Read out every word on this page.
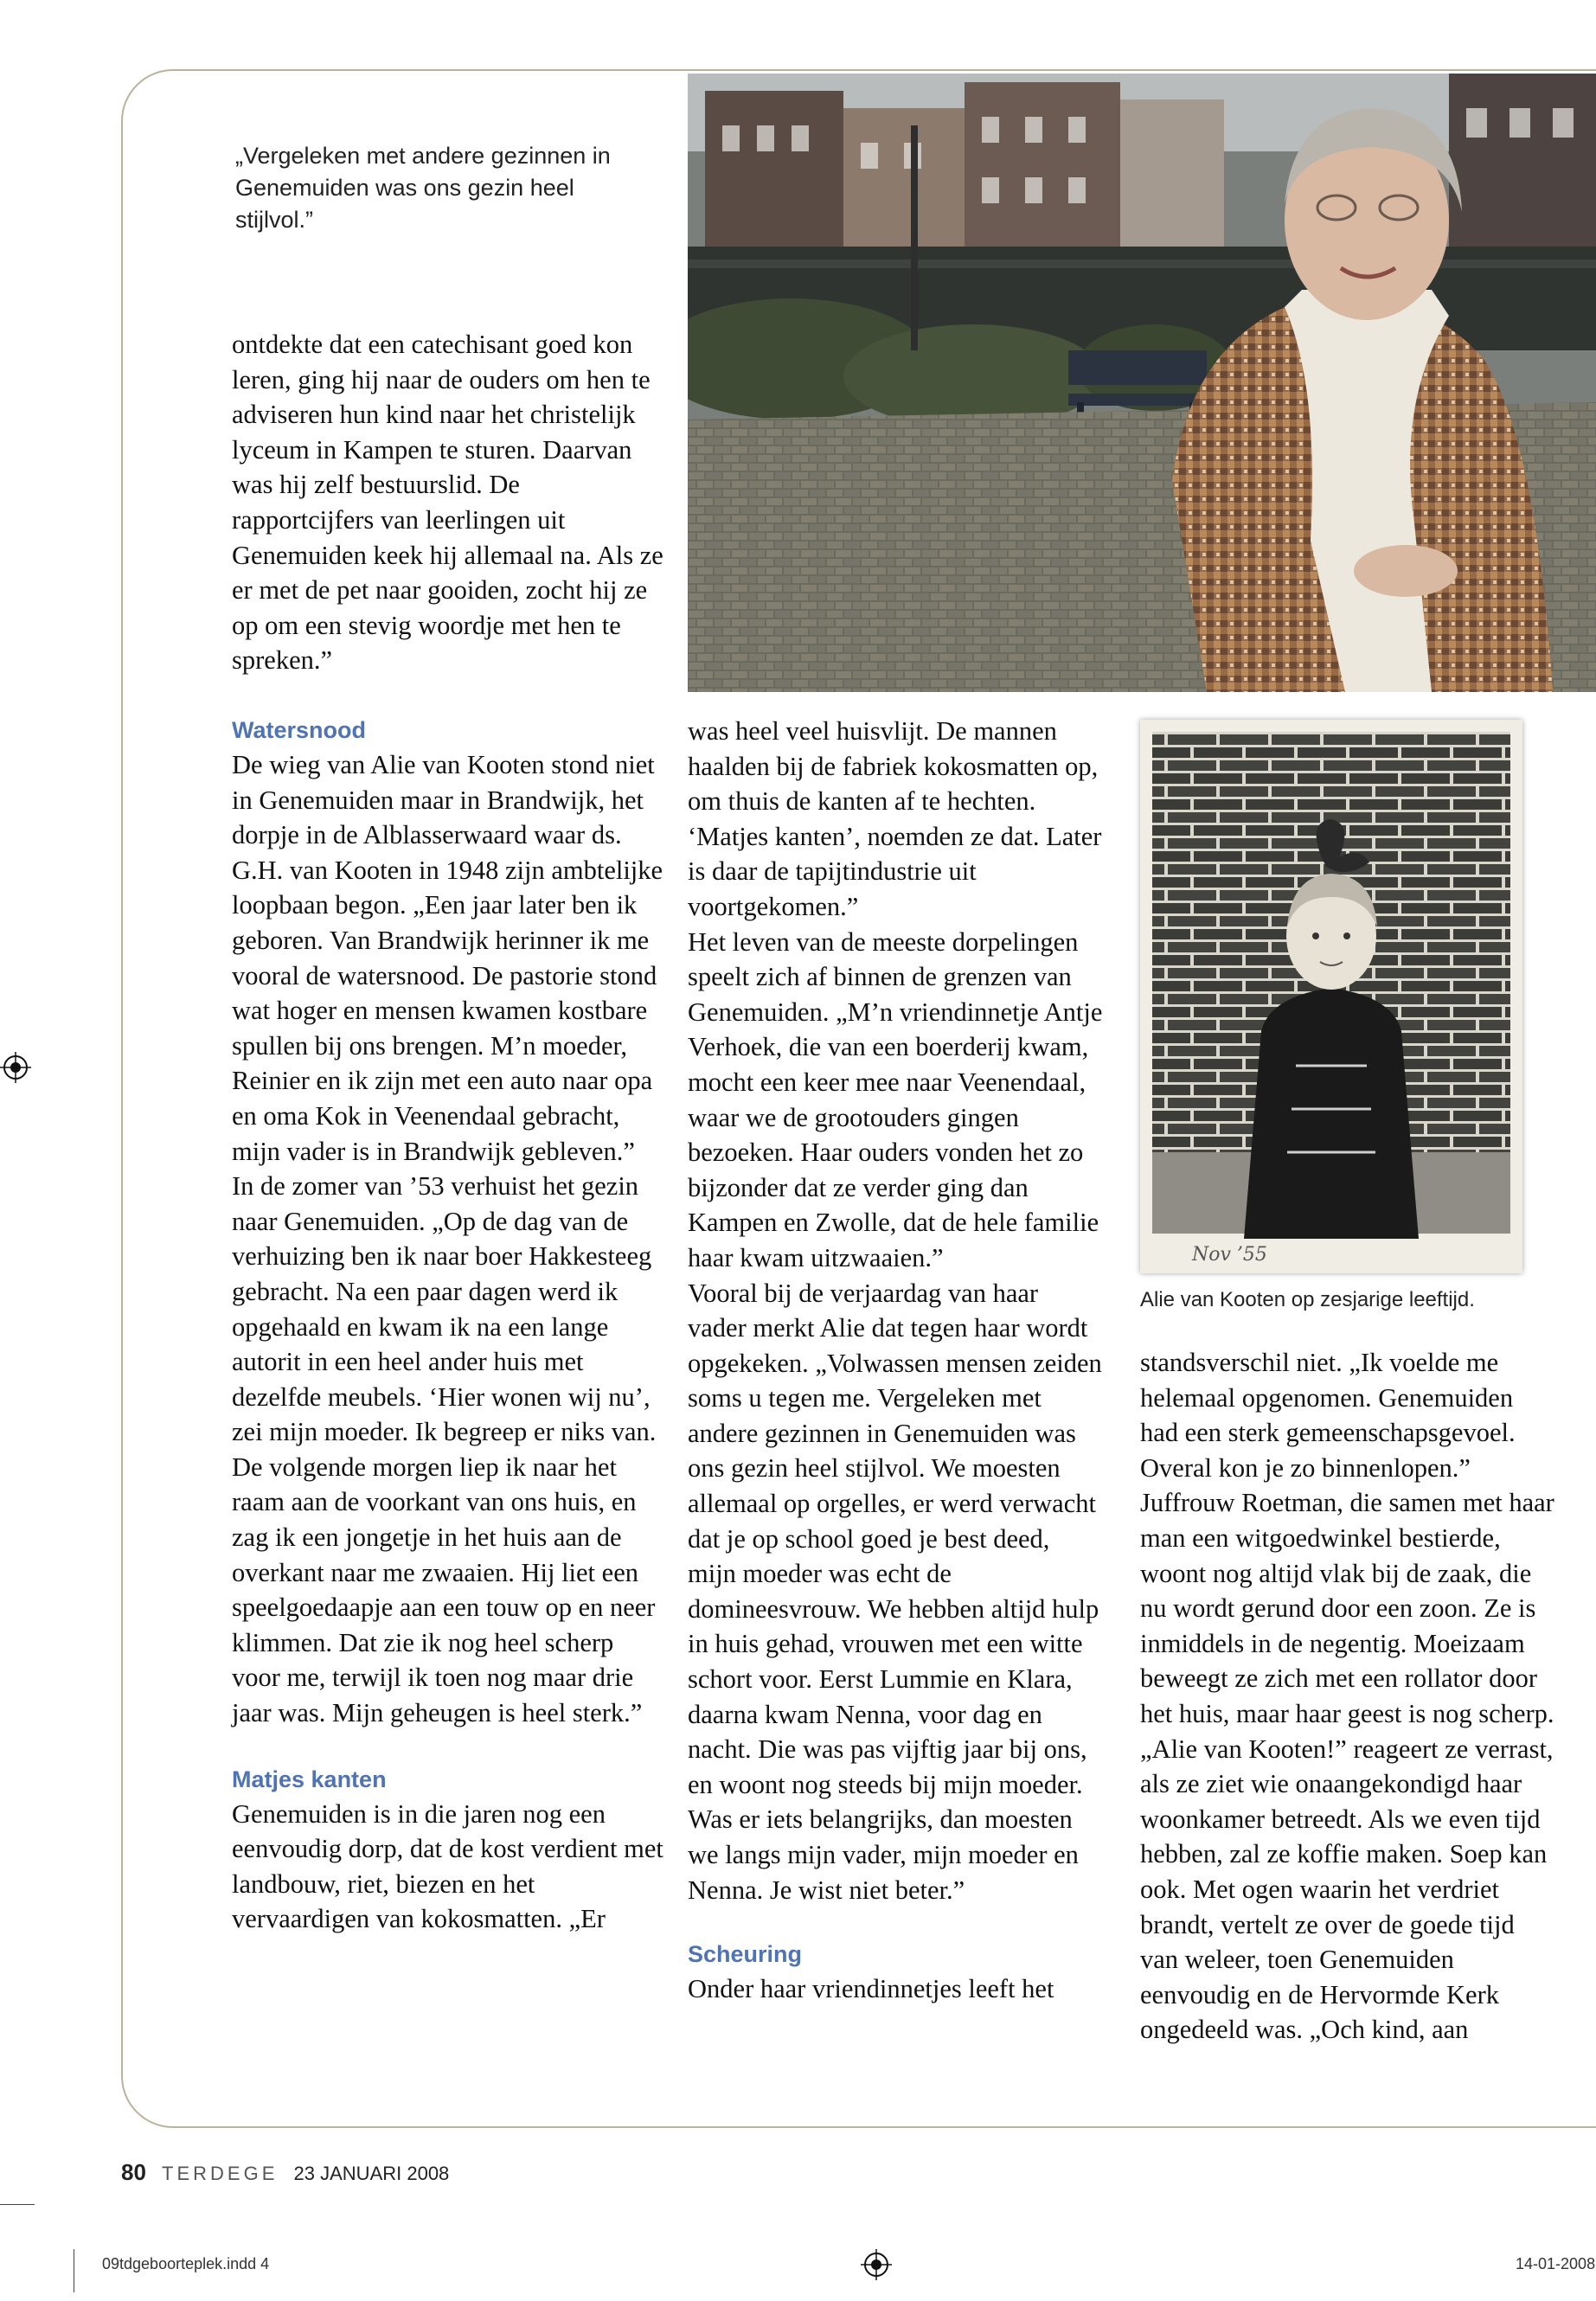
„Vergeleken met andere gezinnen in Genemuiden was ons gezin heel stijlvol.”

ontdekte dat een catechisant goed kon leren, ging hij naar de ouders om hen te adviseren hun kind naar het christelijk lyceum in Kampen te sturen. Daarvan was hij zelf bestuurslid. De rapportcijfers van leerlingen uit Genemuiden keek hij allemaal na. Als ze er met de pet naar gooiden, zocht hij ze op om een stevig woordje met hen te spreken.”

Watersnood

De wieg van Alie van Kooten stond niet in Genemuiden maar in Brandwijk, het dorpje in de Alblasserwaard waar ds. G.H. van Kooten in 1948 zijn ambtelijke loopbaan begon. „Een jaar later ben ik geboren. Van Brandwijk herinner ik me vooral de watersnood. De pastorie stond wat hoger en mensen kwamen kostbare spullen bij ons brengen. M’n moeder, Reinier en ik zijn met een auto naar opa en oma Kok in Veenendaal gebracht, mijn vader is in Brandwijk gebleven.”

In de zomer van ’53 verhuist het gezin naar Genemuiden. „Op de dag van de verhuizing ben ik naar boer Hakkesteeg gebracht. Na een paar dagen werd ik opgehaald en kwam ik na een lange autorit in een heel ander huis met dezelfde meubels. ‘Hier wonen wij nu’, zei mijn moeder. Ik begreep er niks van.

De volgende morgen liep ik naar het raam aan de voorkant van ons huis, en zag ik een jongetje in het huis aan de overkant naar me zwaaien. Hij liet een speelgoedaapje aan een touw op en neer klimmen. Dat zie ik nog heel scherp voor me, terwijl ik toen nog maar drie jaar was. Mijn geheugen is heel sterk.”

Matjes kanten

Genemuiden is in die jaren nog een eenvoudig dorp, dat de kost verdient met landbouw, riet, biezen en het vervaardigen van kokosmatten. „Er

was heel veel huisvlijt. De mannen haalden bij de fabriek kokosmatten op, om thuis de kanten af te hechten. ‘Matjes kanten’, noemden ze dat. Later is daar de tapijtindustrie uit voortgekomen.”

Het leven van de meeste dorpelingen speelt zich af binnen de grenzen van Genemuiden. „M’n vriendinnetje Antje Verhoek, die van een boerderij kwam, mocht een keer mee naar Veenendaal, waar we de grootouders gingen bezoeken. Haar ouders vonden het zo bijzonder dat ze verder ging dan Kampen en Zwolle, dat de hele familie haar kwam uitzwaaien.”

Vooral bij de verjaardag van haar vader merkt Alie dat tegen haar wordt opgekeken. „Volwassen mensen zeiden soms u tegen me. Vergeleken met andere gezinnen in Genemuiden was ons gezin heel stijlvol. We moesten allemaal op orgelles, er werd verwacht dat je op school goed je best deed, mijn moeder was echt de domineesvrouw. We hebben altijd hulp in huis gehad, vrouwen met een witte schort voor. Eerst Lummie en Klara, daarna kwam Nenna, voor dag en nacht. Die was pas vijftig jaar bij ons, en woont nog steeds bij mijn moeder. Was er iets belangrijks, dan moesten we langs mijn vader, mijn moeder en Nenna. Je wist niet beter.”

Scheuring

Onder haar vriendinnetjes leeft het

Nov ’55
Alie van Kooten op zesjarige leeftijd.

standsverschil niet. „Ik voelde me helemaal opgenomen. Genemuiden had een sterk gemeenschapsgevoel. Overal kon je zo binnenlopen.”

Juffrouw Roetman, die samen met haar man een witgoedwinkel bestierde, woont nog altijd vlak bij de zaak, die nu wordt gerund door een zoon. Ze is inmiddels in de negentig. Moeizaam beweegt ze zich met een rollator door het huis, maar haar geest is nog scherp. „Alie van Kooten!” reageert ze verrast, als ze ziet wie onaangekondigd haar woonkamer betreedt. Als we even tijd hebben, zal ze koffie maken. Soep kan ook. Met ogen waarin het verdriet brandt, vertelt ze over de goede tijd van weleer, toen Genemuiden eenvoudig en de Hervormde Kerk ongedeeld was. „Och kind, aan

80 TERDEGE 23 JANUARI 2008
09tdgeboorteplek.indd 4	14-01-2008
